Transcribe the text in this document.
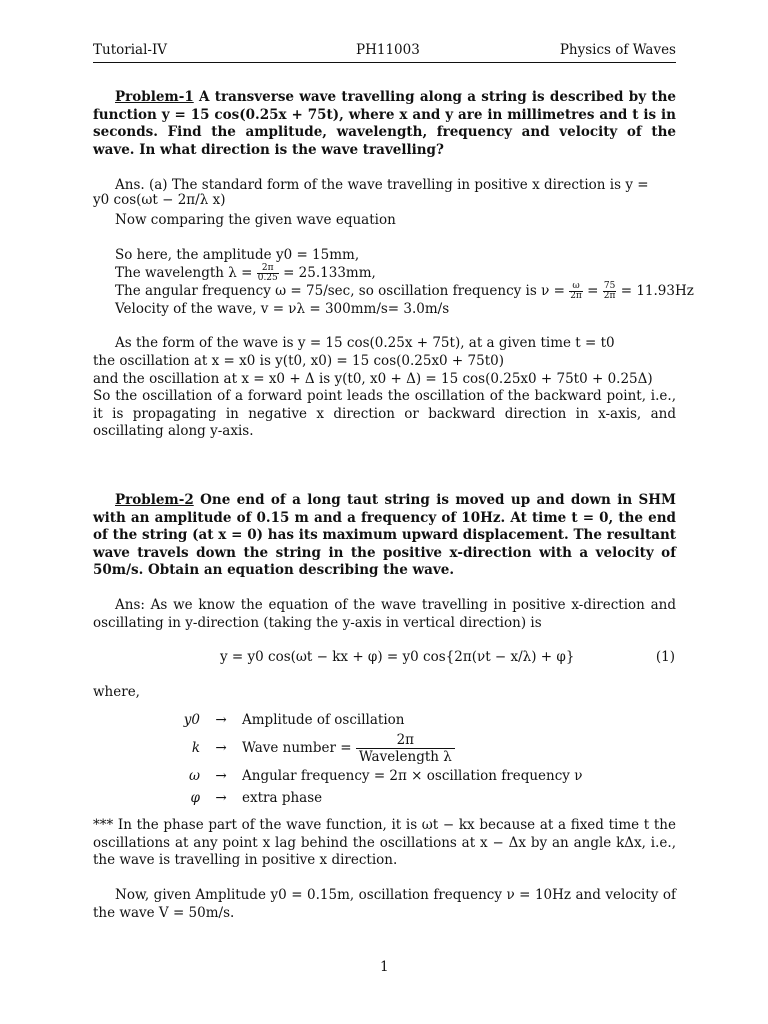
Tutorial-IV	PH11003	Physics of Waves
Problem-1 A transverse wave travelling along a string is described by the function y = 15 cos(0.25x + 75t), where x and y are in millimetres and t is in seconds. Find the amplitude, wavelength, frequency and velocity of the wave. In what direction is the wave travelling?
Ans. (a) The standard form of the wave travelling in positive x direction is y =
y0 cos(ωt − 2π/λ x)
Now comparing the given wave equation
So here, the amplitude y0 = 15mm,
The wavelength $\lambda = \frac{2\pi}{0.25} = 25.133mm$,
The angular frequency ω = 75/sec, so oscillation frequency is $\nu = \frac{\omega}{2\pi} = \frac{75}{2\pi} = 11.93Hz$
Velocity of the wave, v = νλ = 300mm/s= 3.0m/s
As the form of the wave is y = 15 cos(0.25x + 75t), at a given time t = t0
the oscillation at x = x0 is y(t0, x0) = 15 cos(0.25x0 + 75t0)
and the oscillation at x = x0 + Δ is y(t0, x0 + Δ) = 15 cos(0.25x0 + 75t0 + 0.25Δ)
So the oscillation of a forward point leads the oscillation of the backward point, i.e., it is propagating in negative x direction or backward direction in x-axis, and oscillating along y-axis.
Problem-2 One end of a long taut string is moved up and down in SHM with an amplitude of 0.15 m and a frequency of 10Hz. At time t = 0, the end of the string (at x = 0) has its maximum upward displacement. The resultant wave travels down the string in the positive x-direction with a velocity of 50m/s. Obtain an equation describing the wave.
Ans: As we know the equation of the wave travelling in positive x-direction and oscillating in y-direction (taking the y-axis in vertical direction) is
y = y0 cos(ωt − kx + φ) = y0 cos{2π(νt − x/λ) + φ}	(1)
where,
y0	→	Amplitude of oscillation
k	→	Wave number = 2π
Wavelength λ

ω	→	Angular frequency = 2π × oscillation frequency ν
φ	→	extra phase
*** In the phase part of the wave function, it is ωt − kx because at a fixed time t the oscillations at any point x lag behind the oscillations at x − Δx by an angle kΔx, i.e., the wave is travelling in positive x direction.
Now, given Amplitude y0 = 0.15m, oscillation frequency ν = 10Hz and velocity of the wave V = 50m/s.
1
